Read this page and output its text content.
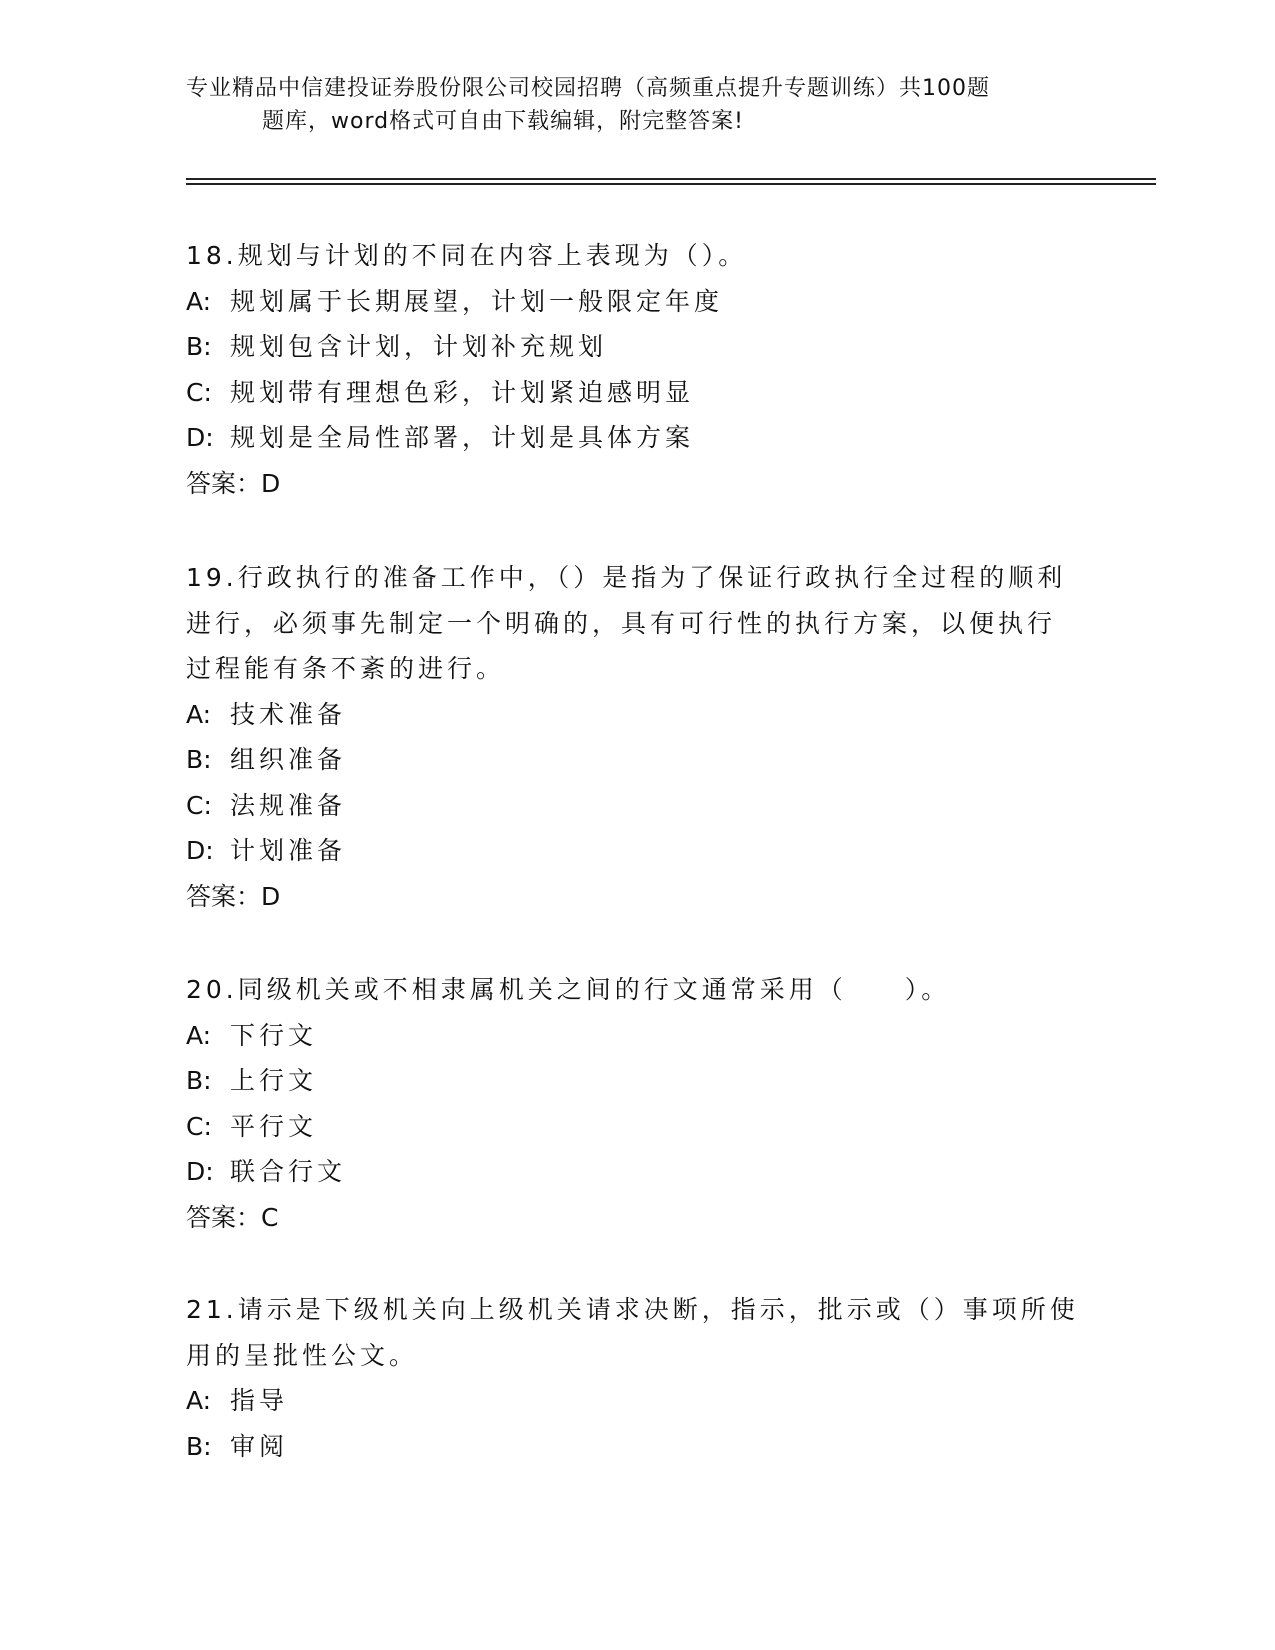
专业精品中信建投证券股份限公司校园招聘（高频重点提升专题训练）共100题
题库，word格式可自由下载编辑，附完整答案!

18.规划与计划的不同在内容上表现为（）。

A: 规划属于长期展望，计划一般限定年度

B: 规划包含计划，计划补充规划

C: 规划带有理想色彩，计划紧迫感明显

D: 规划是全局性部署，计划是具体方案

答案：D

19.行政执行的准备工作中，（）是指为了保证行政执行全过程的顺利

进行，必须事先制定一个明确的，具有可行性的执行方案，以便执行

过程能有条不紊的进行。

A: 技术准备

B: 组织准备

C: 法规准备

D: 计划准备

答案：D

20.同级机关或不相隶属机关之间的行文通常采用（　　）。

A: 下行文

B: 上行文

C: 平行文

D: 联合行文

答案：C

21.请示是下级机关向上级机关请求决断，指示，批示或（）事项所使

用的呈批性公文。

A: 指导

B: 审阅
